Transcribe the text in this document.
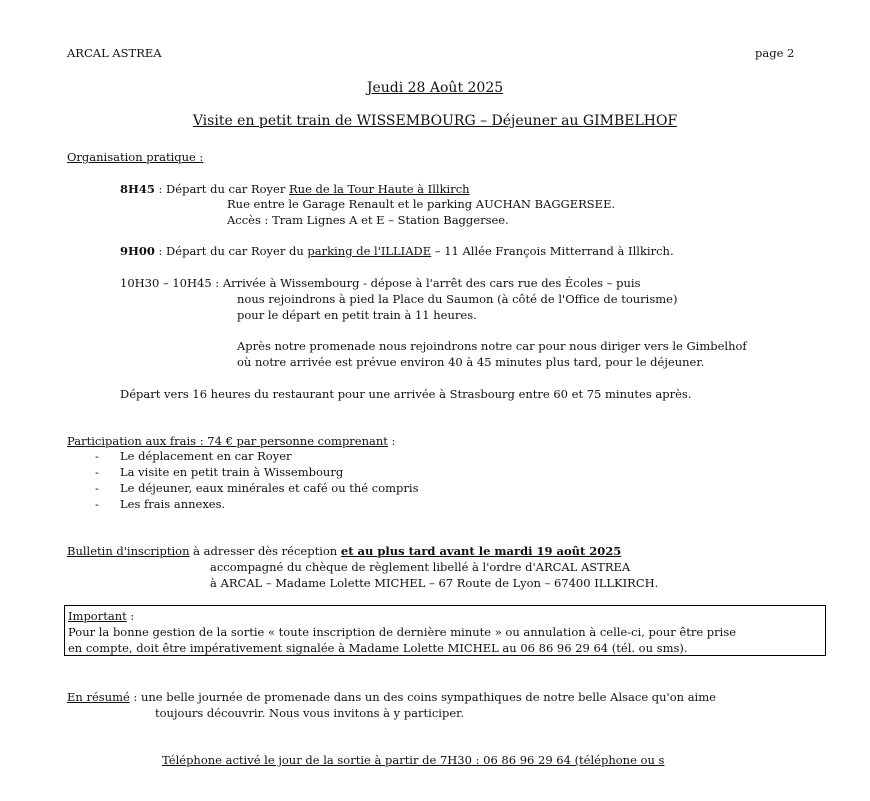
ARCAL ASTREA	page 2
Jeudi 28 Août 2025
Visite en petit train de WISSEMBOURG – Déjeuner au GIMBELHOF
Organisation pratique :
8H45 : Départ du car Royer Rue de la Tour Haute à Illkirch
Rue entre le Garage Renault et le parking AUCHAN BAGGERSEE.
Accès : Tram Lignes A et E – Station Baggersee.
9H00 : Départ du car Royer du parking de l'ILLIADE – 11 Allée François Mitterrand à Illkirch.
10H30 – 10H45 : Arrivée à Wissembourg - dépose à l'arrêt des cars rue des Écoles – puis
nous rejoindrons à pied la Place du Saumon (à côté de l'Office de tourisme)
pour le départ en petit train à 11 heures.
Après notre promenade nous rejoindrons notre car pour nous diriger vers le Gimbelhof
où notre arrivée est prévue environ 40 à 45 minutes plus tard, pour le déjeuner.
Départ vers 16 heures du restaurant pour une arrivée à Strasbourg entre 60 et 75 minutes après.
Participation aux frais : 74 € par personne comprenant :
- Le déplacement en car Royer
- La visite en petit train à Wissembourg
- Le déjeuner, eaux minérales et café ou thé compris
- Les frais annexes.
Bulletin d'inscription à adresser dès réception et au plus tard avant le mardi 19 août 2025
accompagné du chèque de règlement libellé à l'ordre d'ARCAL ASTREA
à ARCAL – Madame Lolette MICHEL – 67 Route de Lyon – 67400 ILLKIRCH.
Important :
Pour la bonne gestion de la sortie « toute inscription de dernière minute » ou annulation à celle-ci, pour être prise
en compte, doit être impérativement signalée à Madame Lolette MICHEL au 06 86 96 29 64 (tél. ou sms).
En résumé : une belle journée de promenade dans un des coins sympathiques de notre belle Alsace qu'on aime
toujours découvrir. Nous vous invitons à y participer.
Téléphone activé le jour de la sortie à partir de 7H30 : 06 86 96 29 64 (téléphone ou s
